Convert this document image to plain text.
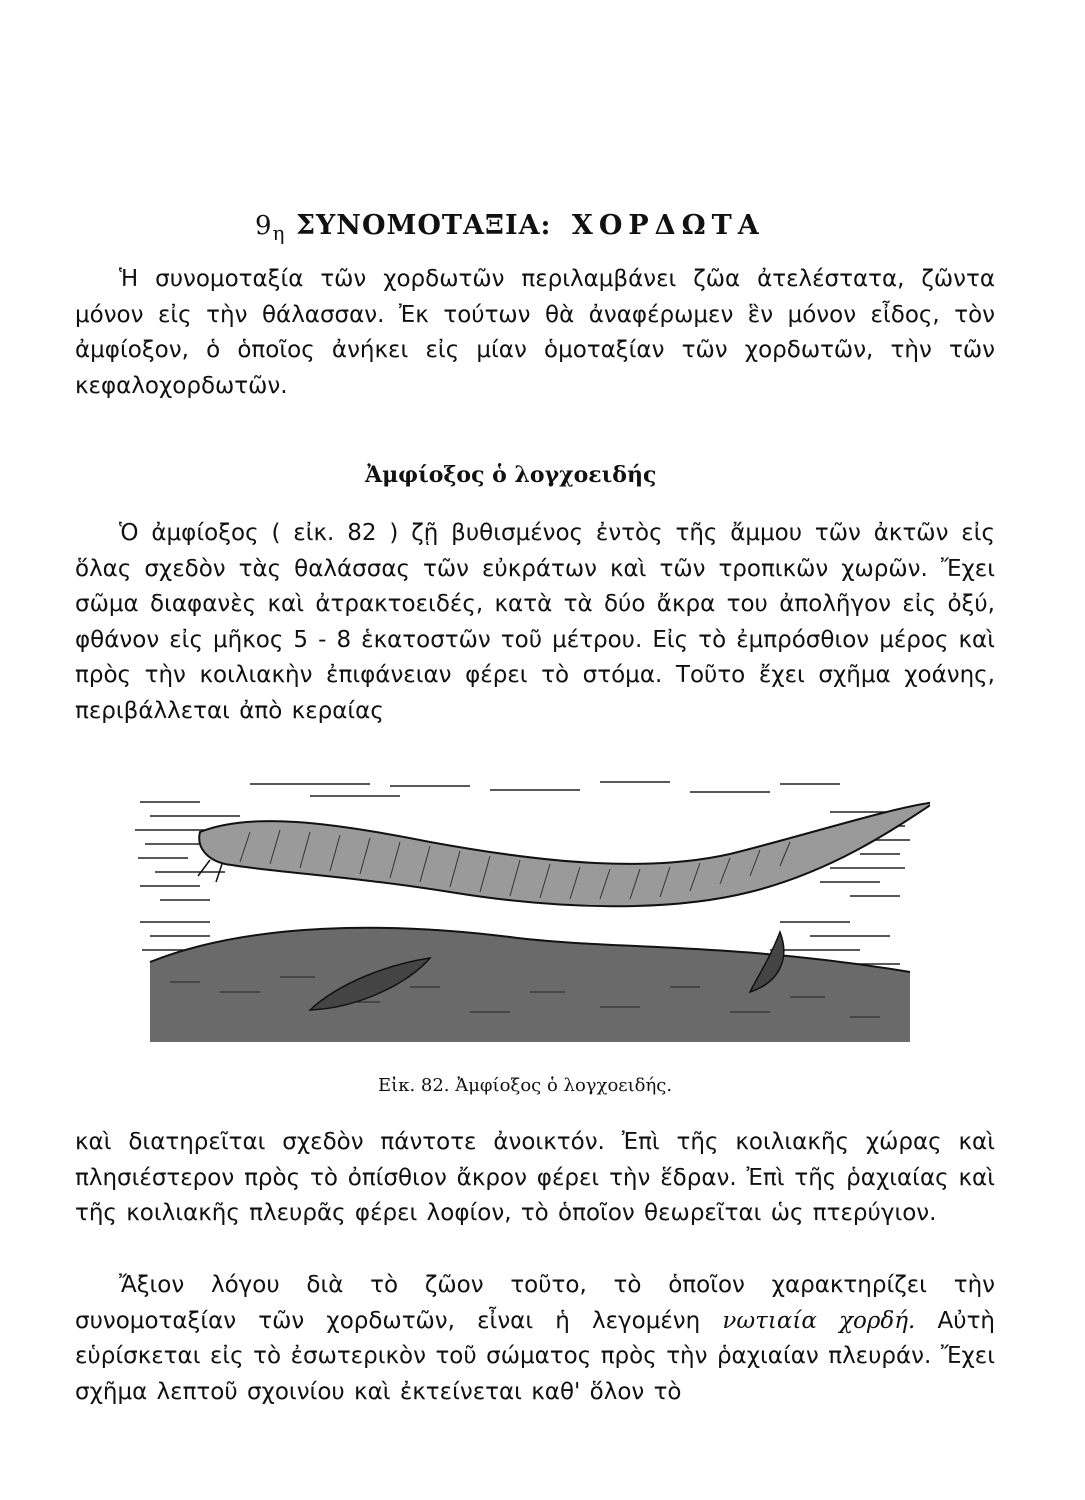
$9_\eta$ ΣΥΝΟΜΟΤΑΞΙΑ: ΧΟΡΔΩΤΑ

Ἡ συνομοταξία τῶν χορδωτῶν περιλαμβάνει ζῶα ἀτελέστατα, ζῶντα μόνον εἰς τὴν θάλασσαν. Ἐκ τούτων θὰ ἀναφέρωμεν ἓν μόνον εἶδος, τὸν ἀμφίοξον, ὁ ὁποῖος ἀνήκει εἰς μίαν ὁμοταξίαν τῶν χορδωτῶν, τὴν τῶν κεφαλοχορδωτῶν.

Ἀμφίοξος ὁ λογχοειδής

Ὁ ἀμφίοξος ( εἰκ. 82 ) ζῇ βυθισμένος ἐντὸς τῆς ἄμμου τῶν ἀκτῶν εἰς ὅλας σχεδὸν τὰς θαλάσσας τῶν εὐκράτων καὶ τῶν τροπικῶν χωρῶν. Ἔχει σῶμα διαφανὲς καὶ ἀτρακτοειδές, κατὰ τὰ δύο ἄκρα του ἀπολῆγον εἰς ὀξύ, φθάνον εἰς μῆκος 5 - 8 ἑκατοστῶν τοῦ μέτρου. Εἰς τὸ ἐμπρόσθιον μέρος καὶ πρὸς τὴν κοιλιακὴν ἐπιφάνειαν φέρει τὸ στόμα. Τοῦτο ἔχει σχῆμα χοάνης, περιβάλλεται ἀπὸ κεραίας

Εἰκ. 82. Ἀμφίοξος ὁ λογχοειδής.

καὶ διατηρεῖται σχεδὸν πάντοτε ἀνοικτόν. Ἐπὶ τῆς κοιλιακῆς χώρας καὶ πλησιέστερον πρὸς τὸ ὀπίσθιον ἄκρον φέρει τὴν ἕδραν. Ἐπὶ τῆς ῥαχιαίας καὶ τῆς κοιλιακῆς πλευρᾶς φέρει λοφίον, τὸ ὁποῖον θεωρεῖται ὡς πτερύγιον.

Ἄξιον λόγου διὰ τὸ ζῶον τοῦτο, τὸ ὁποῖον χαρακτηρίζει τὴν συνομοταξίαν τῶν χορδωτῶν, εἶναι ἡ λεγομένη νωτιαία χορδή. Αὐτὴ εὑρίσκεται εἰς τὸ ἐσωτερικὸν τοῦ σώματος πρὸς τὴν ῥαχιαίαν πλευράν. Ἔχει σχῆμα λεπτοῦ σχοινίου καὶ ἐκτείνεται καθ' ὅλον τὸ
